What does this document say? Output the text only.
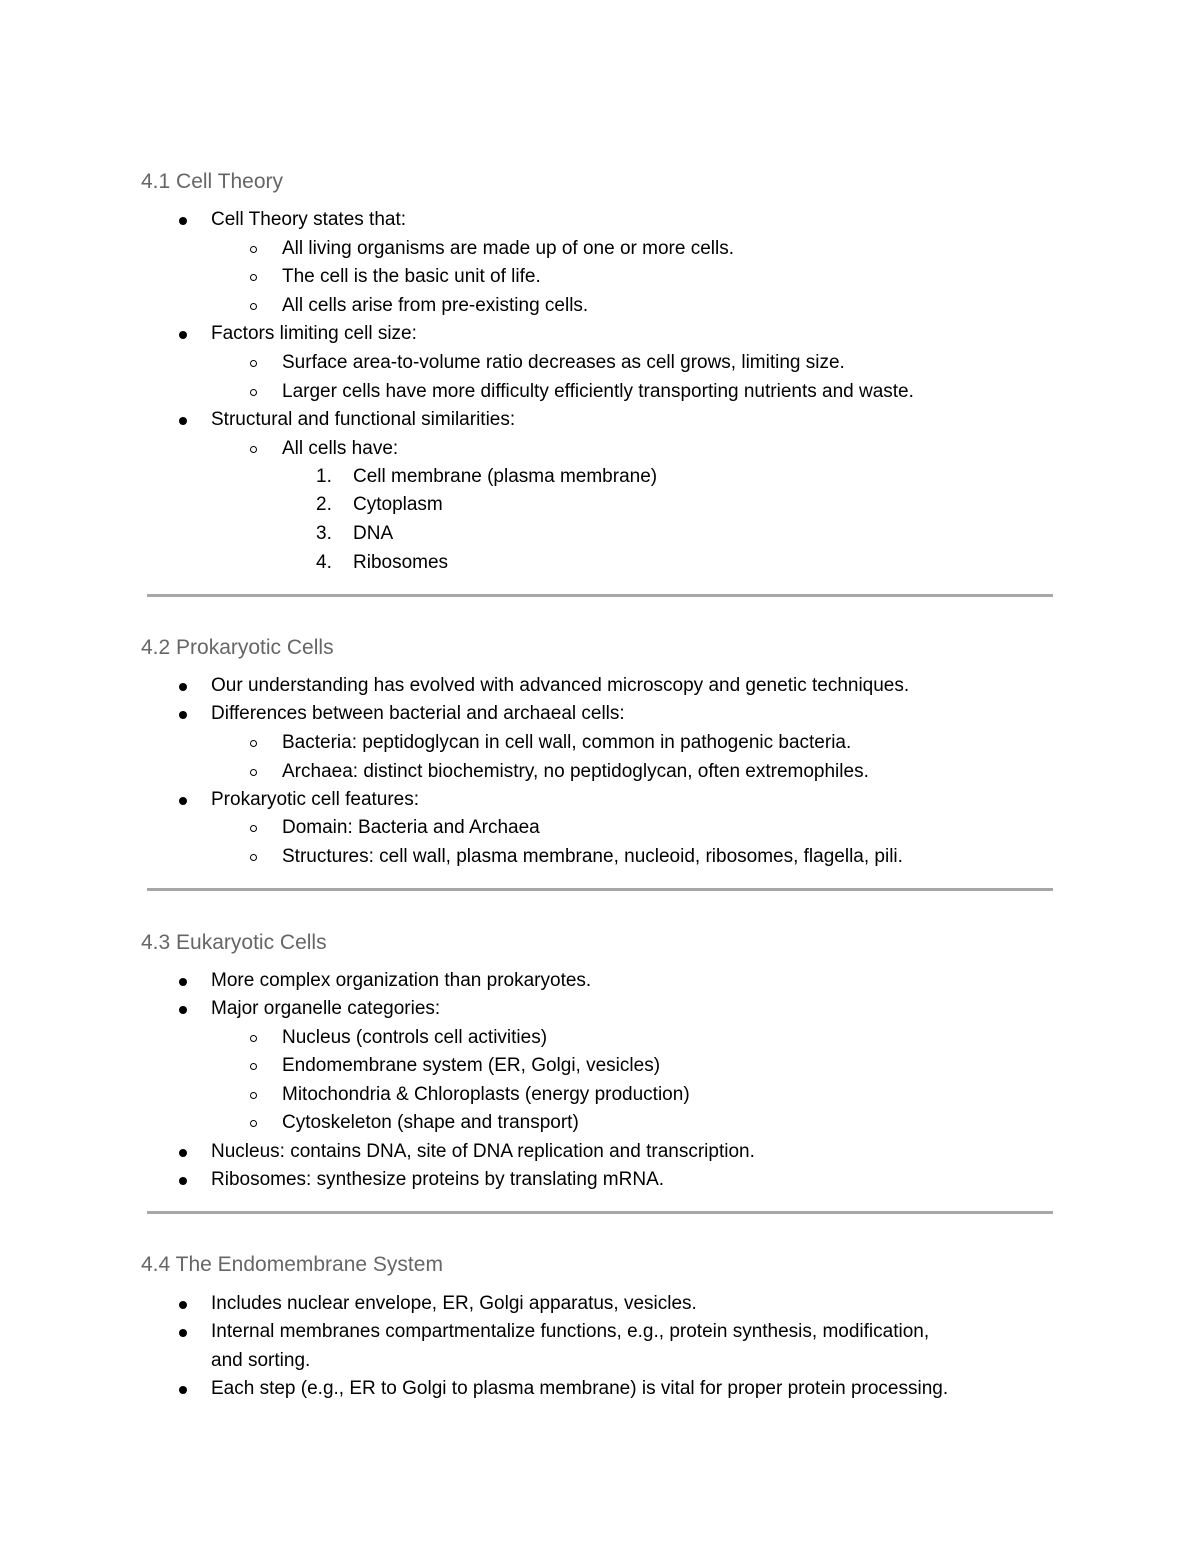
4.1 Cell Theory
Cell Theory states that:
All living organisms are made up of one or more cells.
The cell is the basic unit of life.
All cells arise from pre-existing cells.
Factors limiting cell size:
Surface area-to-volume ratio decreases as cell grows, limiting size.
Larger cells have more difficulty efficiently transporting nutrients and waste.
Structural and functional similarities:
All cells have:
1. Cell membrane (plasma membrane)
2. Cytoplasm
3. DNA
4. Ribosomes
4.2 Prokaryotic Cells
Our understanding has evolved with advanced microscopy and genetic techniques.
Differences between bacterial and archaeal cells:
Bacteria: peptidoglycan in cell wall, common in pathogenic bacteria.
Archaea: distinct biochemistry, no peptidoglycan, often extremophiles.
Prokaryotic cell features:
Domain: Bacteria and Archaea
Structures: cell wall, plasma membrane, nucleoid, ribosomes, flagella, pili.
4.3 Eukaryotic Cells
More complex organization than prokaryotes.
Major organelle categories:
Nucleus (controls cell activities)
Endomembrane system (ER, Golgi, vesicles)
Mitochondria & Chloroplasts (energy production)
Cytoskeleton (shape and transport)
Nucleus: contains DNA, site of DNA replication and transcription.
Ribosomes: synthesize proteins by translating mRNA.
4.4 The Endomembrane System
Includes nuclear envelope, ER, Golgi apparatus, vesicles.
Internal membranes compartmentalize functions, e.g., protein synthesis, modification,
and sorting.
Each step (e.g., ER to Golgi to plasma membrane) is vital for proper protein processing.
